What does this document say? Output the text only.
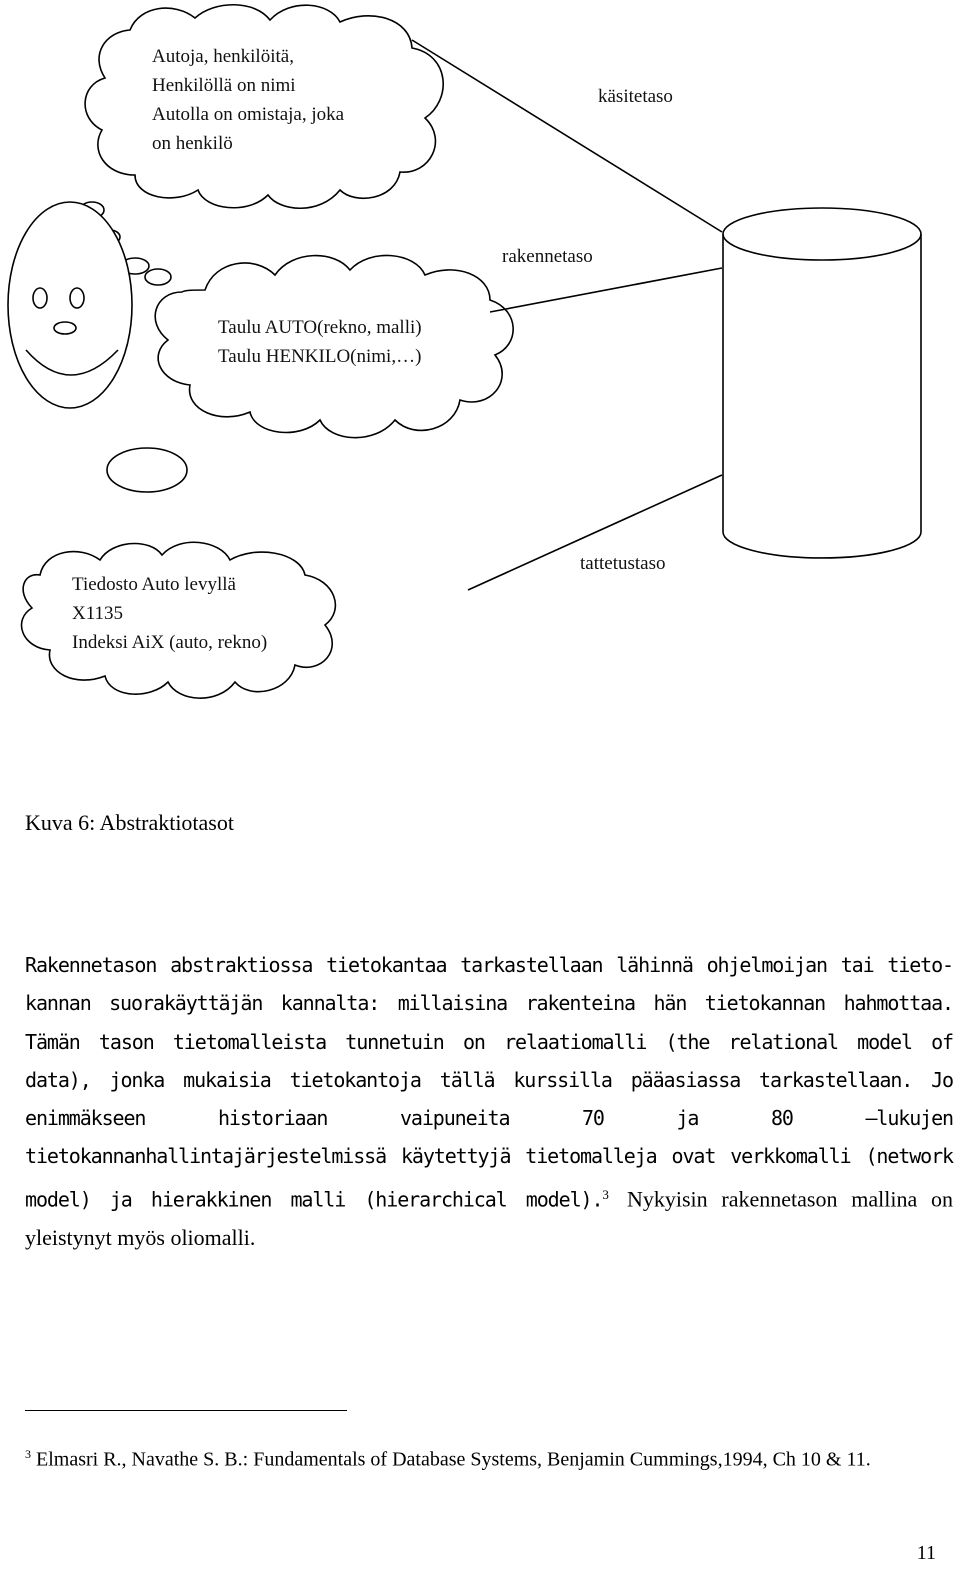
Autoja, henkilöitä,
Henkilöllä on nimi
Autolla on omistaja, joka
on henkilö
Taulu AUTO(rekno, malli)
Taulu HENKILO(nimi,…)
Tiedosto Auto levyllä
X1135
Indeksi AiX (auto, rekno)
käsitetaso
rakennetaso
tattetustaso
Kuva 6: Abstraktiotasot
Rakennetason abstraktiossa tietokantaa tarkastellaan lähinnä ohjelmoijan tai tieto-kannan suorakäyttäjän kannalta: millaisina rakenteina hän tietokannan hahmottaa. Tämän tason tietomalleista tunnetuin on relaatiomalli (the relational model of data), jonka mukaisia tietokantoja tällä kurssilla pääasiassa tarkastellaan. Jo enimmäkseen historiaan vaipuneita 70 ja 80 –lukujen tietokannanhallintajärjestelmissä käytettyjä tietomalleja ovat verkkomalli (network model) ja hierakkinen malli (hierarchical model).$^3$ Nykyisin rakennetason mallina on yleistynyt myös oliomalli.
$^3$ Elmasri R., Navathe S. B.: Fundamentals of Database Systems, Benjamin Cummings,1994, Ch 10 & 11.
11
